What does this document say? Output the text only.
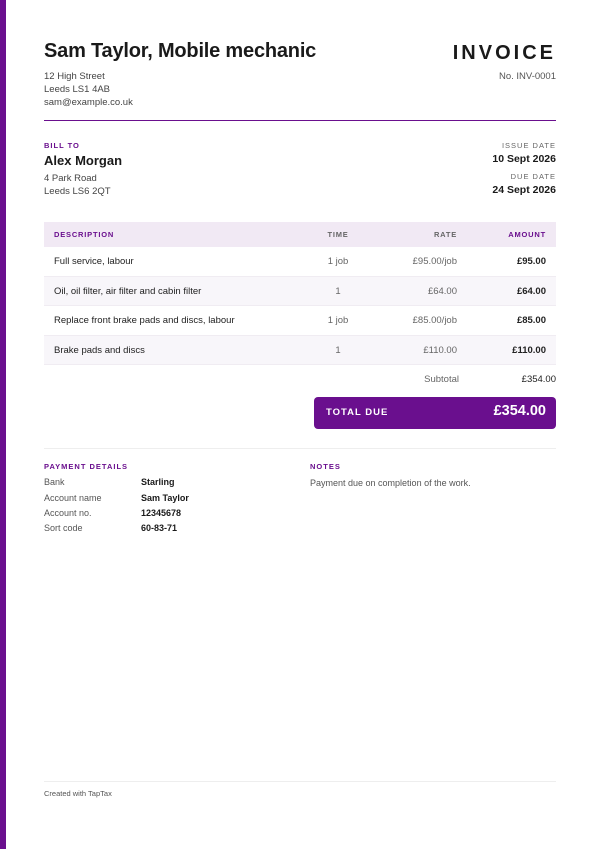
Sam Taylor, Mobile mechanic
12 High Street
Leeds LS1 4AB
sam@example.co.uk
INVOICE
No. INV-0001
BILL TO
Alex Morgan
4 Park Road
Leeds LS6 2QT
ISSUE DATE
10 Sept 2026
DUE DATE
24 Sept 2026
DESCRIPTION	TIME	RATE	AMOUNT
Full service, labour	1 job	£95.00/job	£95.00
Oil, oil filter, air filter and cabin filter	1	£64.00	£64.00
Replace front brake pads and discs, labour	1 job	£85.00/job	£85.00
Brake pads and discs	1	£110.00	£110.00
Subtotal	£354.00
TOTAL DUE	£354.00
PAYMENT DETAILS
Bank	Starling
Account name	Sam Taylor
Account no.	12345678
Sort code	60-83-71
NOTES
Payment due on completion of the work.
Created with TapTax
